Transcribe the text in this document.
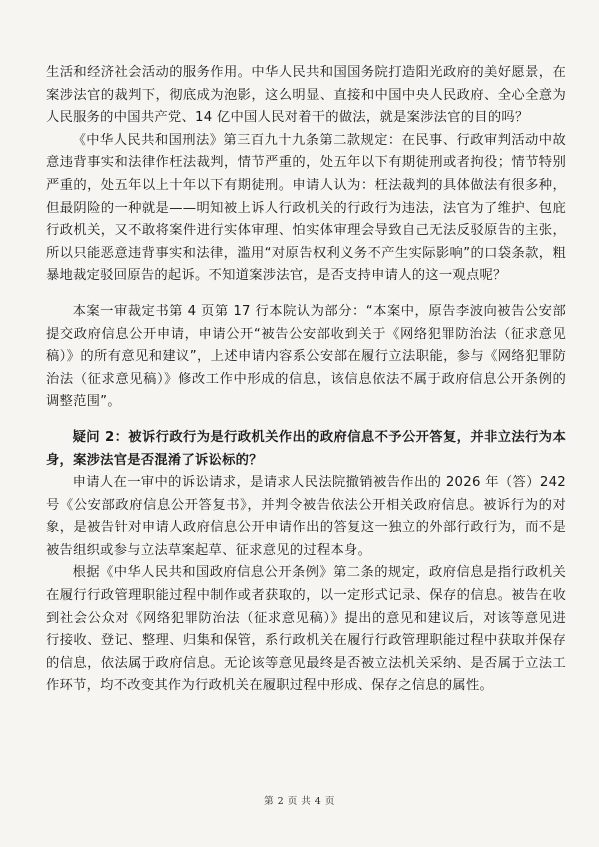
生活和经济社会活动的服务作用。中华人民共和国国务院打造阳光政府的美好愿景，在案涉法官的裁判下，彻底成为泡影，这么明显、直接和中国中央人民政府、全心全意为人民服务的中国共产党、14 亿中国人民对着干的做法，就是案涉法官的目的吗？

《中华人民共和国刑法》第三百九十九条第二款规定：在民事、行政审判活动中故意违背事实和法律作枉法裁判，情节严重的，处五年以下有期徒刑或者拘役；情节特别严重的，处五年以上十年以下有期徒刑。申请人认为：枉法裁判的具体做法有很多种，但最阴险的一种就是——明知被上诉人行政机关的行政行为违法，法官为了维护、包庇行政机关，又不敢将案件进行实体审理、怕实体审理会导致自己无法反驳原告的主张，所以只能恶意违背事实和法律，滥用“对原告权利义务不产生实际影响”的口袋条款，粗暴地裁定驳回原告的起诉。不知道案涉法官，是否支持申请人的这一观点呢？

本案一审裁定书第 4 页第 17 行本院认为部分：“本案中，原告李波向被告公安部提交政府信息公开申请，申请公开“被告公安部收到关于《网络犯罪防治法（征求意见稿）》的所有意见和建议”，上述申请内容系公安部在履行立法职能，参与《网络犯罪防治法（征求意见稿）》修改工作中形成的信息，该信息依法不属于政府信息公开条例的调整范围”。

疑问 2：被诉行政行为是行政机关作出的政府信息不予公开答复，并非立法行为本身，案涉法官是否混淆了诉讼标的？

申请人在一审中的诉讼请求，是请求人民法院撤销被告作出的 2026 年（答）242 号《公安部政府信息公开答复书》，并判令被告依法公开相关政府信息。被诉行为的对象，是被告针对申请人政府信息公开申请作出的答复这一独立的外部行政行为，而不是被告组织或参与立法草案起草、征求意见的过程本身。

根据《中华人民共和国政府信息公开条例》第二条的规定，政府信息是指行政机关在履行行政管理职能过程中制作或者获取的，以一定形式记录、保存的信息。被告在收到社会公众对《网络犯罪防治法（征求意见稿）》提出的意见和建议后，对该等意见进行接收、登记、整理、归集和保管，系行政机关在履行行政管理职能过程中获取并保存的信息，依法属于政府信息。无论该等意见最终是否被立法机关采纳、是否属于立法工作环节，均不改变其作为行政机关在履职过程中形成、保存之信息的属性。

第 2 页 共 4 页
